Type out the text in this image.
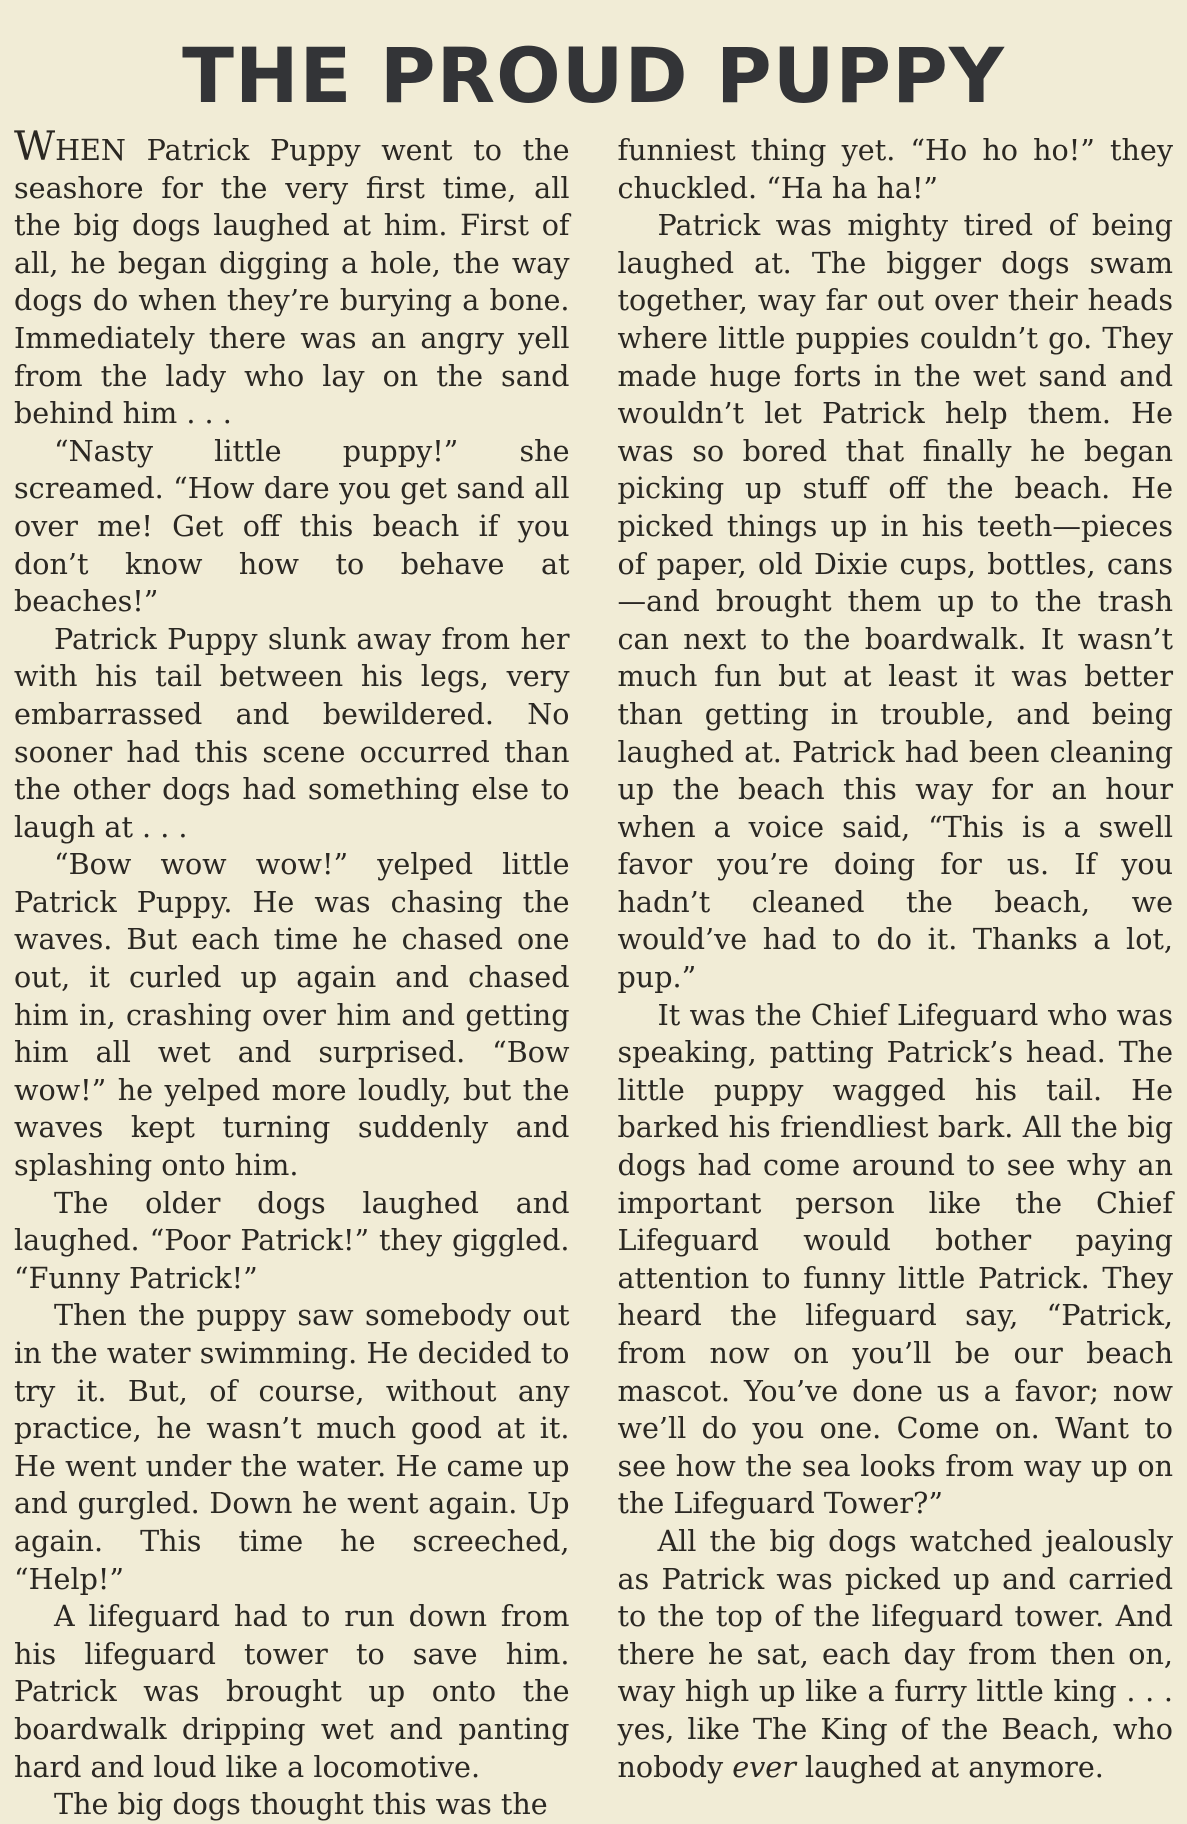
THE PROUD PUPPY

WHEN Patrick Puppy went to the seashore for the very first time, all the big dogs laughed at him. First of all, he began digging a hole, the way dogs do when they’re burying a bone. Immediately there was an angry yell from the lady who lay on the sand behind him . . .

“Nasty little puppy!” she screamed. “How dare you get sand all over me! Get off this beach if you don’t know how to behave at beaches!”

Patrick Puppy slunk away from her with his tail between his legs, very embarrassed and bewildered. No sooner had this scene occurred than the other dogs had something else to laugh at . . .

“Bow wow wow!” yelped little Patrick Puppy. He was chasing the waves. But each time he chased one out, it curled up again and chased him in, crashing over him and getting him all wet and surprised. “Bow wow!” he yelped more loudly, but the waves kept turning suddenly and splashing onto him.

The older dogs laughed and laughed. “Poor Patrick!” they giggled. “Funny Patrick!”

Then the puppy saw somebody out in the water swimming. He decided to try it. But, of course, without any practice, he wasn’t much good at it. He went under the water. He came up and gurgled. Down he went again. Up again. This time he screeched, “Help!”

A lifeguard had to run down from his lifeguard tower to save him. Patrick was brought up onto the boardwalk dripping wet and panting hard and loud like a locomotive.

The big dogs thought this was the

funniest thing yet. “Ho ho ho!” they chuckled. “Ha ha ha!”

Patrick was mighty tired of being laughed at. The bigger dogs swam together, way far out over their heads where little puppies couldn’t go. They made huge forts in the wet sand and wouldn’t let Patrick help them. He was so bored that finally he began picking up stuff off the beach. He picked things up in his teeth—pieces of paper, old Dixie cups, bottles, cans —and brought them up to the trash can next to the boardwalk. It wasn’t much fun but at least it was better than getting in trouble, and being laughed at. Patrick had been cleaning up the beach this way for an hour when a voice said, “This is a swell favor you’re doing for us. If you hadn’t cleaned the beach, we would’ve had to do it. Thanks a lot, pup.”

It was the Chief Lifeguard who was speaking, patting Patrick’s head. The little puppy wagged his tail. He barked his friendliest bark. All the big dogs had come around to see why an important person like the Chief Lifeguard would bother paying attention to funny little Patrick. They heard the lifeguard say, “Patrick, from now on you’ll be our beach mascot. You’ve done us a favor; now we’ll do you one. Come on. Want to see how the sea looks from way up on the Lifeguard Tower?”

All the big dogs watched jealously as Patrick was picked up and carried to the top of the lifeguard tower. And there he sat, each day from then on, way high up like a furry little king . . . yes, like The King of the Beach, who nobody ever laughed at anymore.
